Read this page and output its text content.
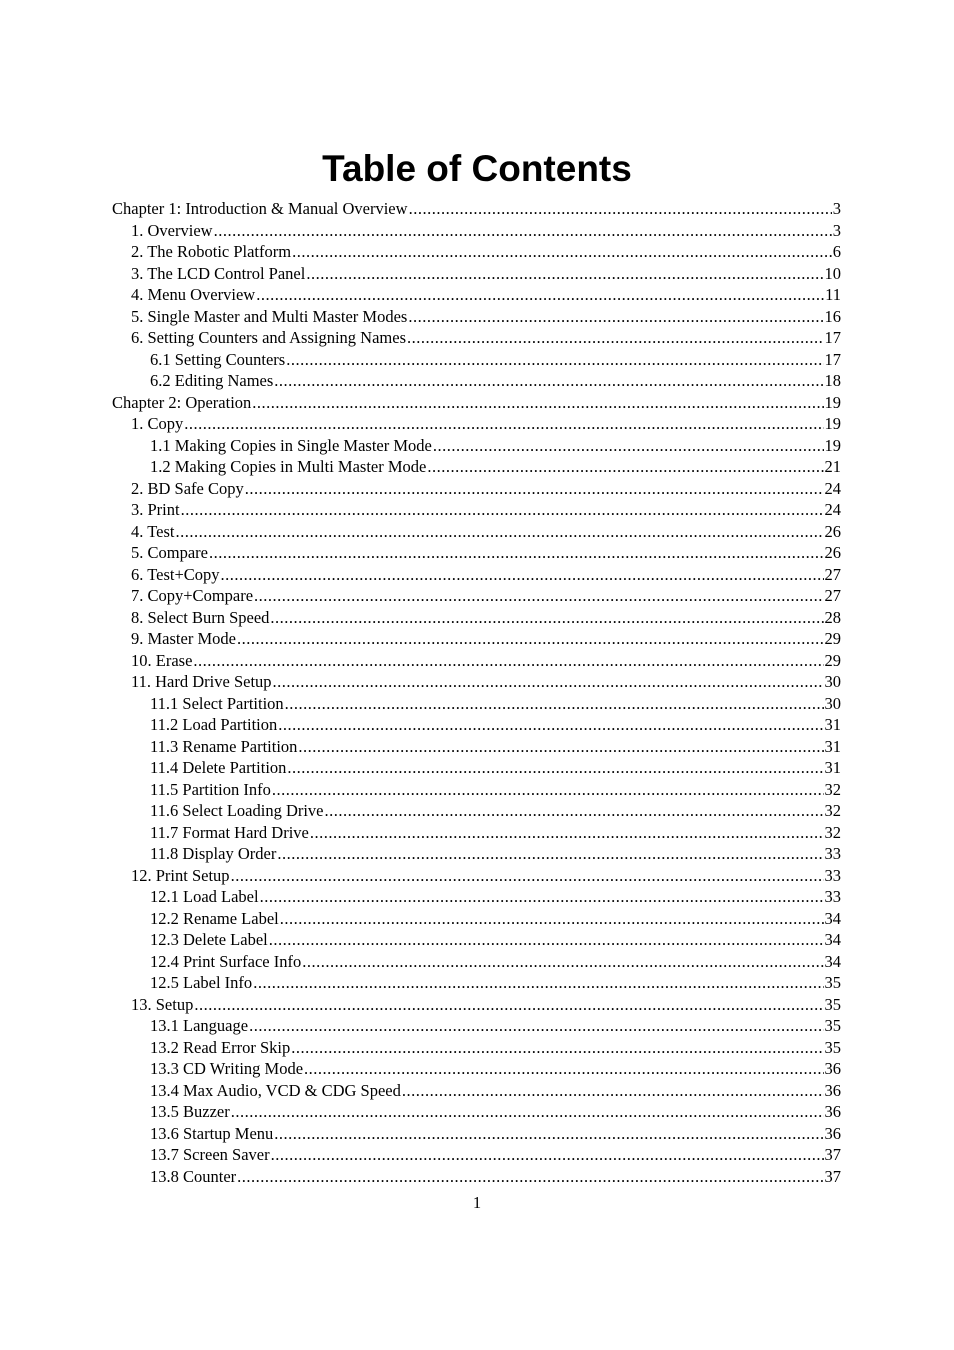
Table of Contents
Chapter 1: Introduction & Manual Overview .....	3
1. Overview .....	3
2. The Robotic Platform .....	6
3. The LCD Control Panel .....	10
4. Menu Overview .....	11
5. Single Master and Multi Master Modes .....	16
6. Setting Counters and Assigning Names .....	17
6.1 Setting Counters .....	17
6.2 Editing Names .....	18
Chapter 2: Operation .....	19
1. Copy .....	19
1.1 Making Copies in Single Master Mode .....	19
1.2 Making Copies in Multi Master Mode .....	21
2. BD Safe Copy .....	24
3. Print .....	24
4. Test .....	26
5. Compare .....	26
6. Test+Copy .....	27
7. Copy+Compare .....	27
8. Select Burn Speed .....	28
9. Master Mode .....	29
10. Erase .....	29
11. Hard Drive Setup .....	30
11.1 Select Partition .....	30
11.2 Load Partition .....	31
11.3 Rename Partition .....	31
11.4 Delete Partition .....	31
11.5 Partition Info .....	32
11.6 Select Loading Drive .....	32
11.7 Format Hard Drive .....	32
11.8 Display Order .....	33
12. Print Setup .....	33
12.1 Load Label .....	33
12.2 Rename Label .....	34
12.3 Delete Label .....	34
12.4 Print Surface Info .....	34
12.5 Label Info .....	35
13. Setup .....	35
13.1 Language .....	35
13.2 Read Error Skip .....	35
13.3 CD Writing Mode .....	36
13.4 Max Audio, VCD & CDG Speed .....	36
13.5 Buzzer .....	36
13.6 Startup Menu .....	36
13.7 Screen Saver .....	37
13.8 Counter .....	37
1
